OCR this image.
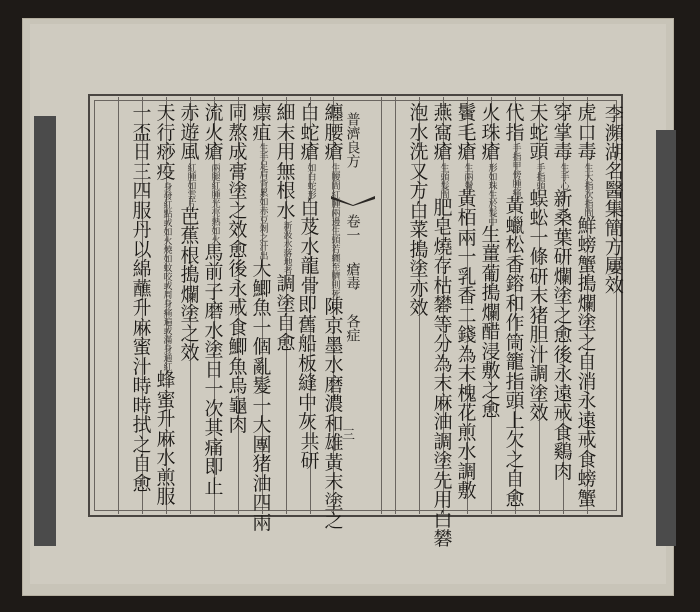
李瀕湖名醫集簡方屢效
虎
口
毒
生大指次指間
鮮
螃
蟹
搗
爛
塗
之
自
消
永
遠
戒
食
螃
蟹
穿
掌
毒
生手心
新
桑
葉
研
爛
塗
之
愈
後
永
遠
戒
食
鷄
肉
天
蛇
頭
手指頭
蜈
蚣
一
條
研
末
猪
胆
汁
調
塗
效
代
指
手指甲傍腫痛
黃
蠟
松
香
鎔
和
作
筒
籠
指
頭
上
欠
之
自
愈
火
珠
瘡
形如珠生於髮中
生
薑
葡
搗
爛
醋
浸
敷
之
愈
鬢
毛
瘡
生兩鬢
黃
栢
兩
一
乳
香
二
錢
為
末
槐
花
煎
水
調
敷
燕
窩
瘡
生頭髮間
肥
皂
燒
存
枯
礬
等
分
為
末
麻
油
調
塗
先
用
白
礬
泡
水
洗
又
方
白
菜
搗
塗
亦
效
纏
腰
瘡
生腰間紅腫兩邊生頭若纏至臍則死
陳
京
墨
水
磨
濃
和
雄
黃
末
塗
之
白
蛇
瘡
如白蛇形
白
芨
水
龍
骨
即舊船板縫中灰
共
研
細
末
用
無
根
水
新汲水落地者
調
塗
自
愈
瘭
疽
生手足肩背累如赤豆剝之汁出
大
鯽
魚
一
個
亂
髮
一
大
團
猪
油
四
兩
同
熬
成
膏
塗
之
效
愈
後
永
戒
食
鯽
魚
烏
龜
肉
流
火
瘡
兩腿紅腫光亮熱如火
馬
前
子
磨
水
塗
日
一
次
其
痛
即
止
赤
遊
風
紅腫如雲片
芭
蕉
根
搗
爛
塗
之
效
天
行
痧
疫
身發紅點或如火燒如蚊咬或周身痛遍或滿身通紅
蜂
蜜
升
麻
水
煎
服
一
盃
日
三
四
服
丹
以
綿
蘸
升
麻
蜜
汁
時
時
拭
之
自
愈
普濟良方
卷一
瘡毒
各症
三
